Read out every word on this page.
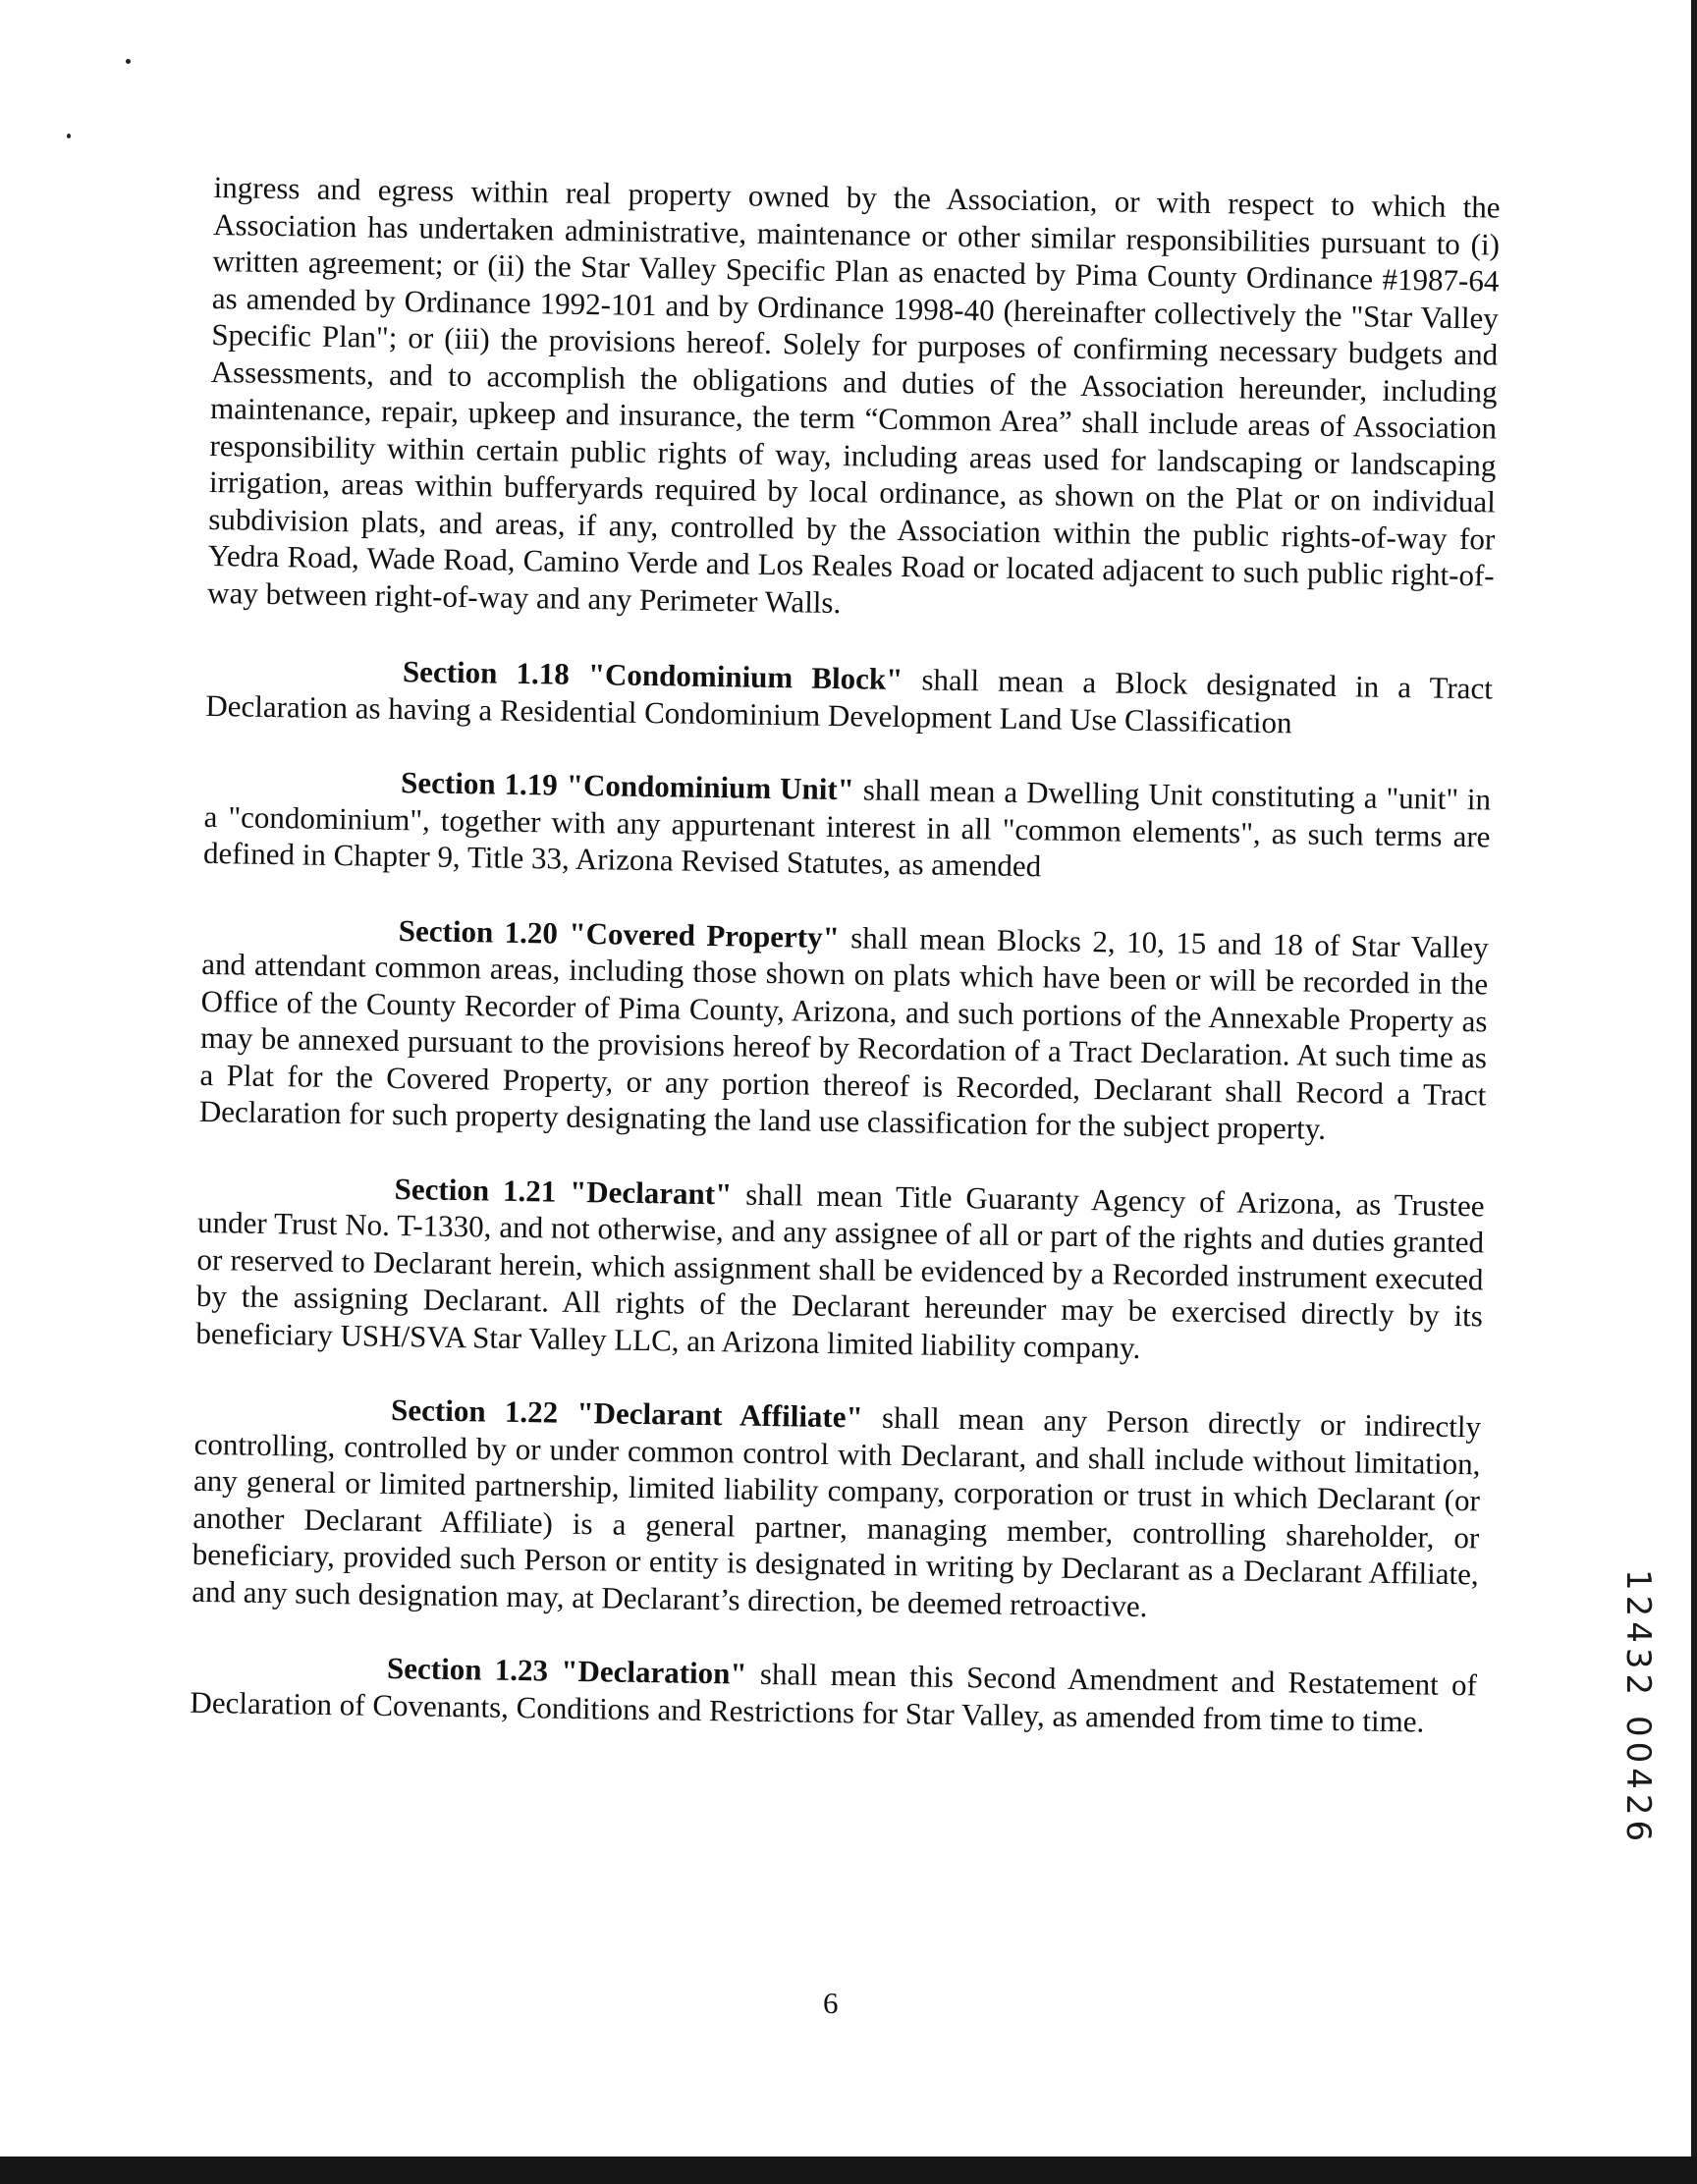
ingress and egress within real property owned by the Association, or with respect to which the Association has undertaken administrative, maintenance or other similar responsibilities pursuant to (i) written agreement; or (ii) the Star Valley Specific Plan as enacted by Pima County Ordinance #1987-64 as amended by Ordinance 1992-101 and by Ordinance 1998-40 (hereinafter collectively the "Star Valley Specific Plan"; or (iii) the provisions hereof. Solely for purposes of confirming necessary budgets and Assessments, and to accomplish the obligations and duties of the Association hereunder, including maintenance, repair, upkeep and insurance, the term “Common Area” shall include areas of Association responsibility within certain public rights of way, including areas used for landscaping or landscaping irrigation, areas within bufferyards required by local ordinance, as shown on the Plat or on individual subdivision plats, and areas, if any, controlled by the Association within the public rights-of-way for Yedra Road, Wade Road, Camino Verde and Los Reales Road or located adjacent to such public right-of-way between right-of-way and any Perimeter Walls.

Section 1.18 "Condominium Block" shall mean a Block designated in a Tract Declaration as having a Residential Condominium Development Land Use Classification

Section 1.19 "Condominium Unit" shall mean a Dwelling Unit constituting a "unit" in a "condominium", together with any appurtenant interest in all "common elements", as such terms are defined in Chapter 9, Title 33, Arizona Revised Statutes, as amended

Section 1.20 "Covered Property" shall mean Blocks 2, 10, 15 and 18 of Star Valley and attendant common areas, including those shown on plats which have been or will be recorded in the Office of the County Recorder of Pima County, Arizona, and such portions of the Annexable Property as may be annexed pursuant to the provisions hereof by Recordation of a Tract Declaration. At such time as a Plat for the Covered Property, or any portion thereof is Recorded, Declarant shall Record a Tract Declaration for such property designating the land use classification for the subject property.

Section 1.21 "Declarant" shall mean Title Guaranty Agency of Arizona, as Trustee under Trust No. T-1330, and not otherwise, and any assignee of all or part of the rights and duties granted or reserved to Declarant herein, which assignment shall be evidenced by a Recorded instrument executed by the assigning Declarant. All rights of the Declarant hereunder may be exercised directly by its beneficiary USH/SVA Star Valley LLC, an Arizona limited liability company.

Section 1.22 "Declarant Affiliate" shall mean any Person directly or indirectly controlling, controlled by or under common control with Declarant, and shall include without limitation, any general or limited partnership, limited liability company, corporation or trust in which Declarant (or another Declarant Affiliate) is a general partner, managing member, controlling shareholder, or beneficiary, provided such Person or entity is designated in writing by Declarant as a Declarant Affiliate, and any such designation may, at Declarant’s direction, be deemed retroactive.

Section 1.23 "Declaration" shall mean this Second Amendment and Restatement of Declaration of Covenants, Conditions and Restrictions for Star Valley, as amended from time to time.

6
12432 00426
